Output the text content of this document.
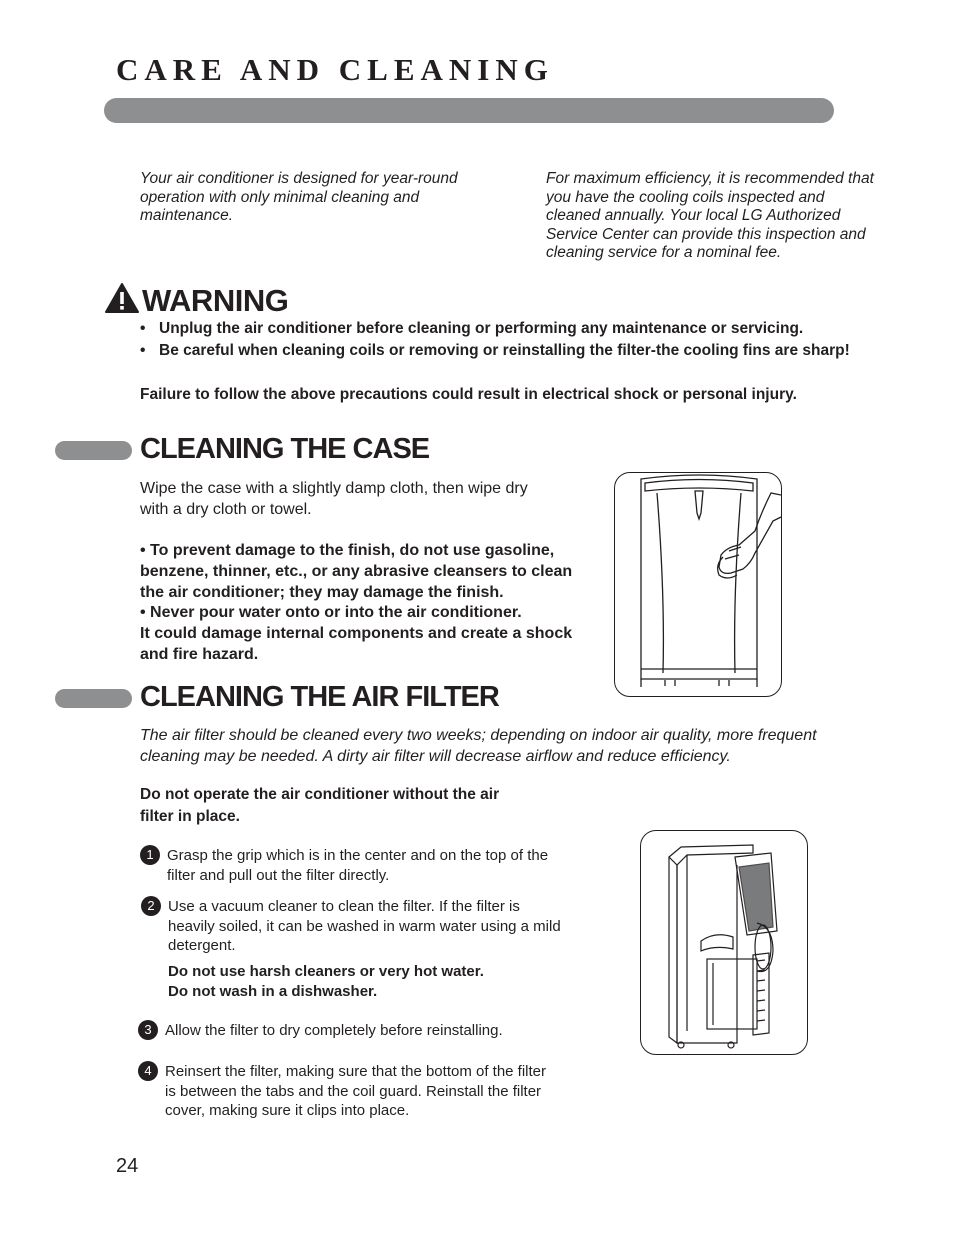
CARE AND CLEANING

Your air conditioner is designed for year-round operation with only minimal cleaning and maintenance.

For maximum efficiency, it is recommended that you have the cooling coils inspected and cleaned annually. Your local LG Authorized Service Center can provide this inspection and cleaning service for a nominal fee.

WARNING
• Unplug the air conditioner before cleaning or performing any maintenance or servicing.
• Be careful when cleaning coils or removing or reinstalling the filter-the cooling fins are sharp!

Failure to follow the above precautions could result in electrical shock or personal injury.

CLEANING THE CASE

Wipe the case with a slightly damp cloth, then wipe dry with a dry cloth or towel.

• To prevent damage to the finish, do not use gasoline, benzene, thinner, etc., or any abrasive cleansers to clean the air conditioner; they may damage the finish.

• Never pour water onto or into the air conditioner.

It could damage internal components and create a shock and fire hazard.

CLEANING THE AIR FILTER

The air filter should be cleaned every two weeks; depending on indoor air quality, more frequent cleaning may be needed. A dirty air filter will decrease airflow and reduce efficiency.

Do not operate the air conditioner without the air filter in place.

1 Grasp the grip which is in the center and on the top of the filter and pull out the filter directly.

2 Use a vacuum cleaner to clean the filter. If the filter is heavily soiled, it can be washed in warm water using a mild detergent.

Do not use harsh cleaners or very hot water.

Do not wash in a dishwasher.

3 Allow the filter to dry completely before reinstalling.

4 Reinsert the filter, making sure that the bottom of the filter is between the tabs and the coil guard. Reinstall the filter cover, making sure it clips into place.

24
